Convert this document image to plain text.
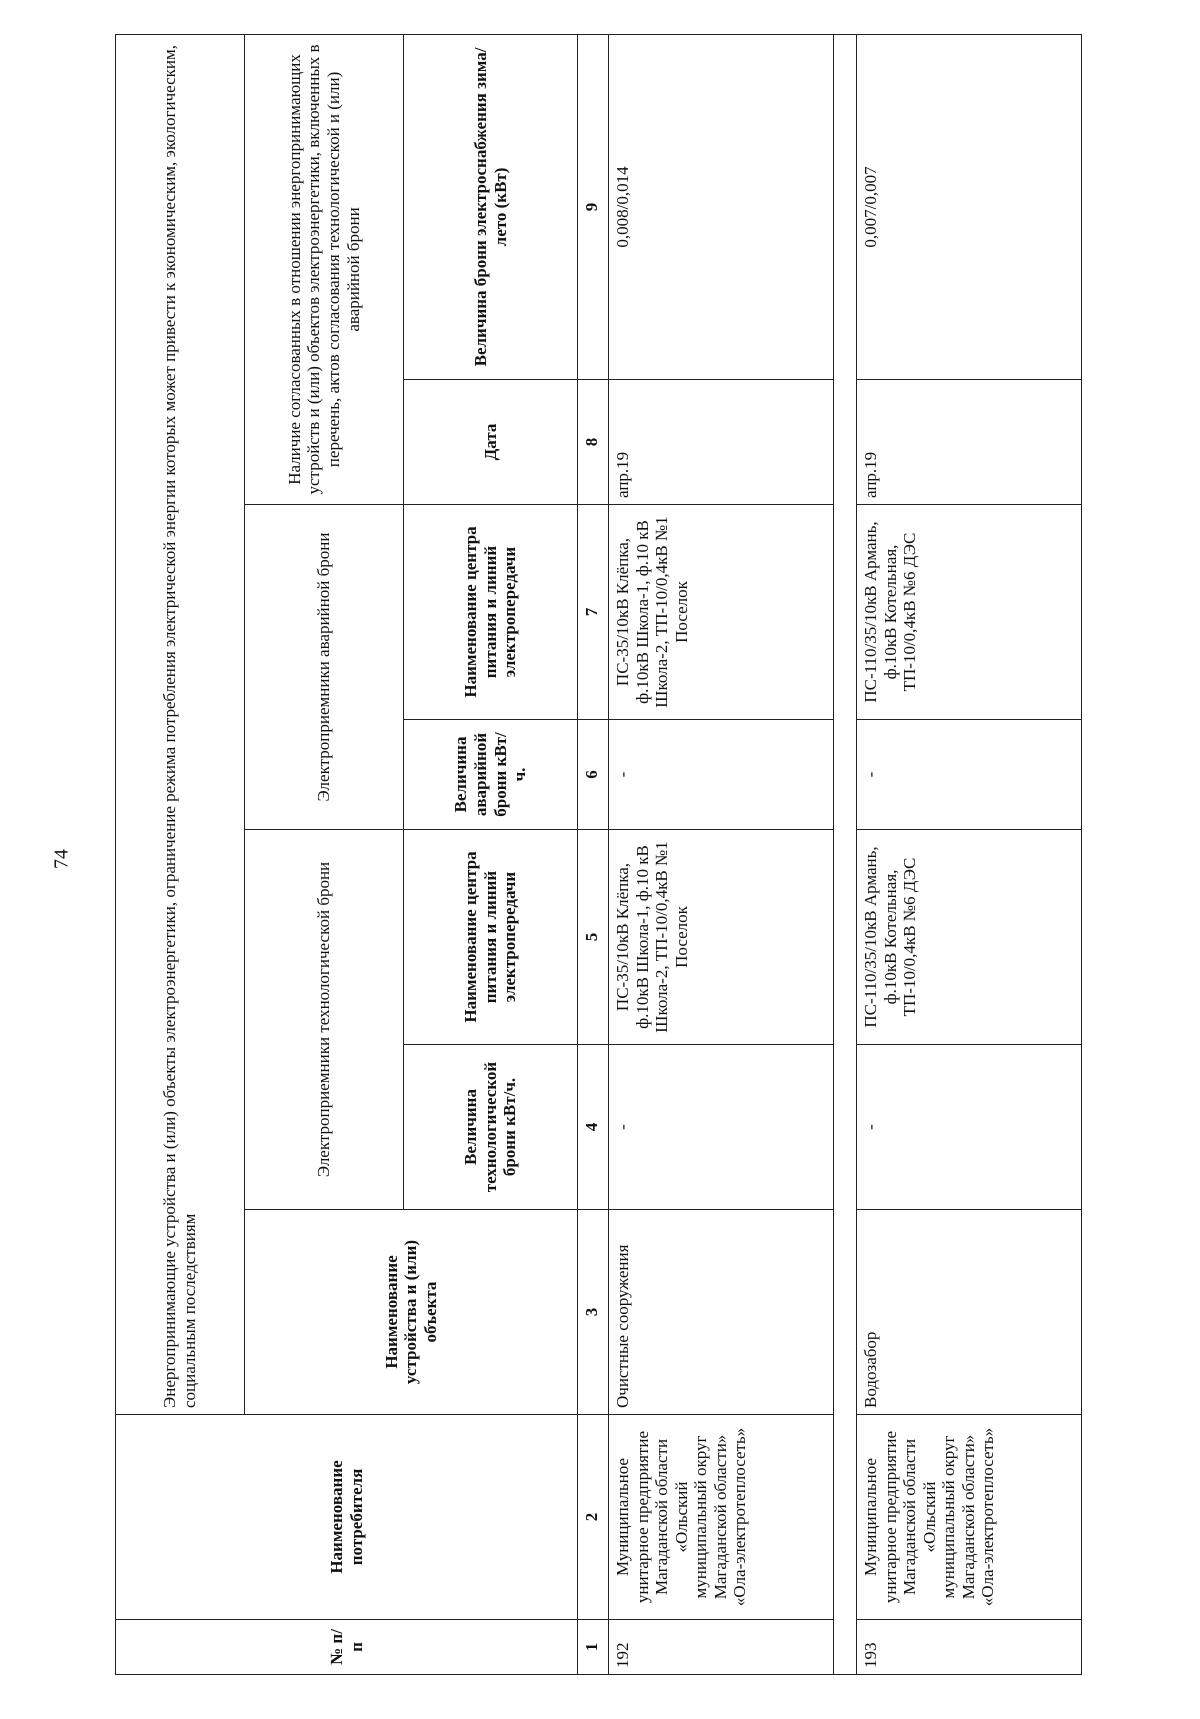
74
№ п/п	Наименование потребителя	Энергопринимающие устройства и (или) объекты электроэнергетики, ограничение режима потребления электрической энергии которых может привести к экономическим, экологическим, социальным последствиям						
		Наименование устройства и (или) объекта	Электроприемники технологической брони		Электроприемники аварийной брони		Наличие согласованных в отношении энергопринимающих устройств и (или) объектов электроэнергетики, включенных в перечень, актов согласования технологической и (или) аварийной брони	
			Величина технологической брони кВт/ч.	Наименование центра питания и линий электропередачи	Величина аварийной брони кВт/ч.	Наименование центра питания и линий электропередачи	Дата	Величина брони электроснабжения зима/лето (кВт)
1	2	3	4	5	6	7	8	9
192	Муниципальное унитарное предприятие Магаданской области «Ольский муниципальный округ Магаданской области» «Ола-электротеплосеть»	Очистные сооружения	-	ПС-35/10кВ Клёпка, ф.10кВ Школа-1, ф.10 кВ Школа-2, ТП-10/0,4кВ №1 Поселок	-	ПС-35/10кВ Клёпка, ф.10кВ Школа-1, ф.10 кВ Школа-2, ТП-10/0,4кВ №1 Поселок	апр.19	0,008/0,014

193	Муниципальное унитарное предприятие Магаданской области «Ольский муниципальный округ Магаданской области» «Ола-электротеплосеть»	Водозабор	-	ПС-110/35/10кВ Армань, ф.10кВ Котельная, ТП-10/0,4кВ №6 ДЭС	-	ПС-110/35/10кВ Армань, ф.10кВ Котельная, ТП-10/0,4кВ №6 ДЭС	апр.19	0,007/0,007
